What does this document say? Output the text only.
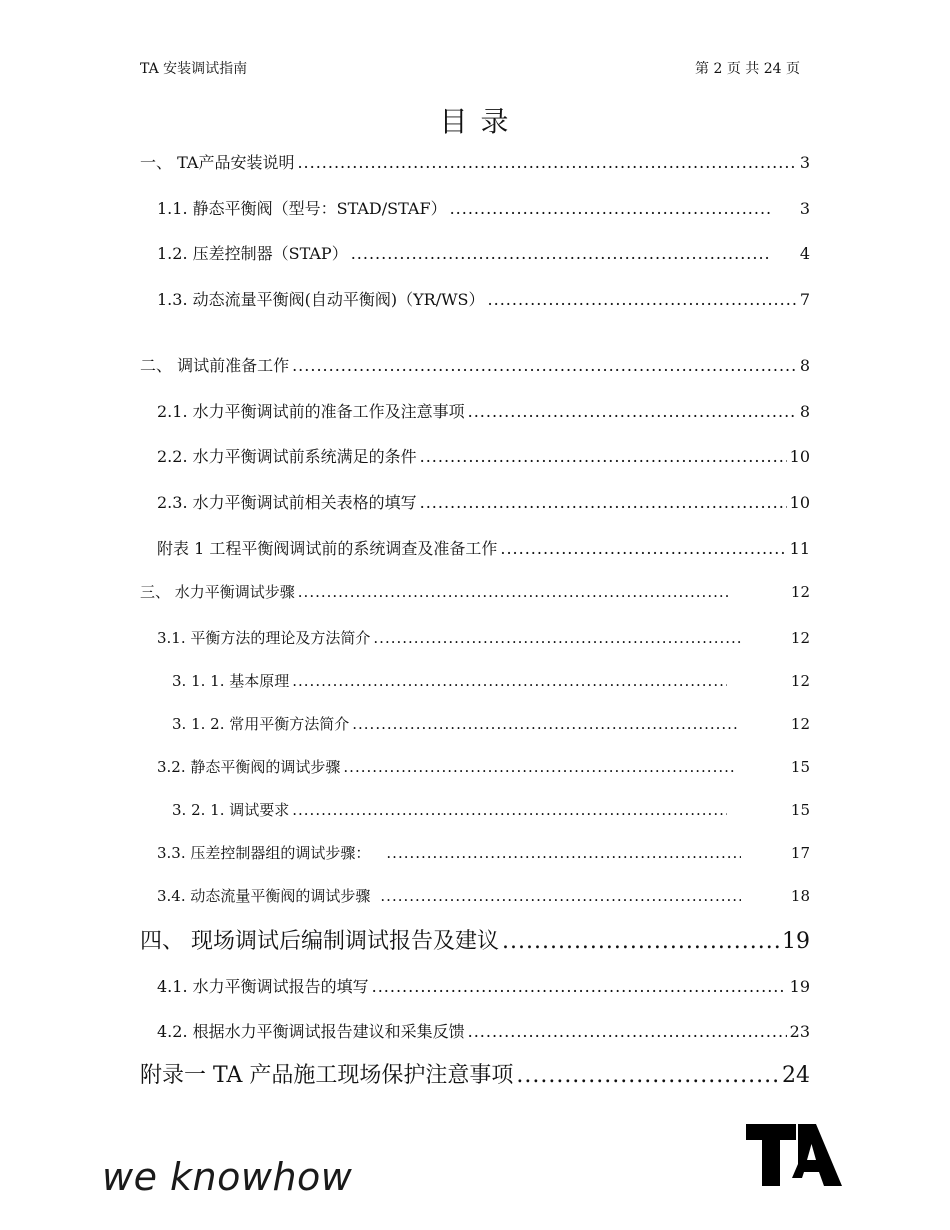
TA 安装调试指南	第 2 页 共 24 页
目 录
一、 TA产品安装说明 .....	3
1.1. 静态平衡阀（型号：STAD/STAF） .....	3
1.2. 压差控制器（STAP） .....	4
1.3. 动态流量平衡阀(自动平衡阀)（YR/WS） .....	7
二、 调试前准备工作 .....	8
2.1. 水力平衡调试前的准备工作及注意事项 .....	8
2.2. 水力平衡调试前系统满足的条件 .....	10
2.3. 水力平衡调试前相关表格的填写 .....	10
附表 1 工程平衡阀调试前的系统调查及准备工作 .....	11
三、 水力平衡调试步骤 .....	12
3.1. 平衡方法的理论及方法简介 .....	12
3. 1. 1. 基本原理 .....	12
3. 1. 2. 常用平衡方法简介 .....	12
3.2. 静态平衡阀的调试步骤 .....	15
3. 2. 1. 调试要求 .....	15
3.3. 压差控制器组的调试步骤： .....	17
3.4. 动态流量平衡阀的调试步骤 .....	18
四、 现场调试后编制调试报告及建议 .....	19
4.1. 水力平衡调试报告的填写 .....	19
4.2. 根据水力平衡调试报告建议和采集反馈 .....	23
附录一 TA 产品施工现场保护注意事项 .....	24
we knowhow
